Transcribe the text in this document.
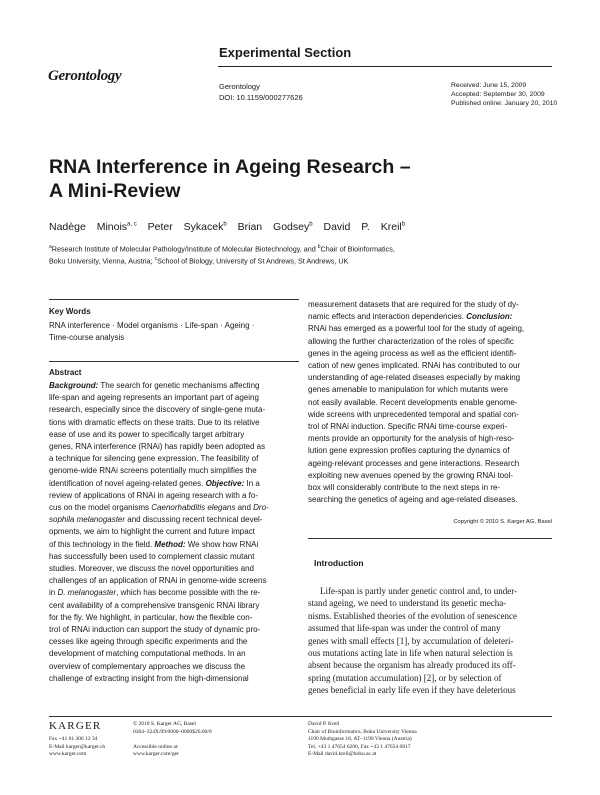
Experimental Section
Gerontology
Gerontology
DOI: 10.1159/000277626
Received: June 15, 2009
Accepted: September 30, 2009
Published online: January 20, 2010
RNA Interference in Ageing Research –
A Mini-Review
Nadège Minois$^{a, c}$ Peter Sykacek$^b$ Brian Godsey$^b$ David P. Kreil$^b$
$^a$Research Institute of Molecular Pathology/Institute of Molecular Biotechnology, and $^b$Chair of Bioinformatics,
Boku University, Vienna, Austria; $^c$School of Biology, University of St Andrews, St Andrews, UK
Key Words
RNA interference · Model organisms · Life-span · Ageing ·
Time-course analysis
Abstract
Background: The search for genetic mechanisms affecting
life-span and ageing represents an important part of ageing
research, especially since the discovery of single-gene muta-
tions with dramatic effects on these traits. Due to its relative
ease of use and its power to specifically target arbitrary
genes, RNA interference (RNAi) has rapidly been adopted as
a technique for silencing gene expression. The feasibility of
genome-wide RNAi screens potentially much simplifies the
identification of novel ageing-related genes. Objective: In a
review of applications of RNAi in ageing research with a fo-
cus on the model organisms Caenorhabditis elegans and Dro-
sophila melanogaster and discussing recent technical devel-
opments, we aim to highlight the current and future impact
of this technology in the field. Method: We show how RNAi
has successfully been used to complement classic mutant
studies. Moreover, we discuss the novel opportunities and
challenges of an application of RNAi in genome-wide screens
in D. melanogaster, which has become possible with the re-
cent availability of a comprehensive transgenic RNAi library
for the fly. We highlight, in particular, how the flexible con-
trol of RNAi induction can support the study of dynamic pro-
cesses like ageing through specific experiments and the
development of matching computational methods. In an
overview of complementary approaches we discuss the
challenge of extracting insight from the high-dimensional
measurement datasets that are required for the study of dy-
namic effects and interaction dependencies. Conclusion:
RNAi has emerged as a powerful tool for the study of ageing,
allowing the further characterization of the roles of specific
genes in the ageing process as well as the efficient identifi-
cation of new genes implicated. RNAi has contributed to our
understanding of age-related diseases especially by making
genes amenable to manipulation for which mutants were
not easily available. Recent developments enable genome-
wide screens with unprecedented temporal and spatial con-
trol of RNAi induction. Specific RNAi time-course experi-
ments provide an opportunity for the analysis of high-reso-
lution gene expression profiles capturing the dynamics of
ageing-relevant processes and gene interactions. Research
exploiting new avenues opened by the growing RNAi tool-
box will considerably contribute to the next steps in re-
searching the genetics of ageing and age-related diseases.
Copyright © 2010 S. Karger AG, Basel
Introduction
Life-span is partly under genetic control and, to under-

stand ageing, we need to understand its genetic mecha-
nisms. Established theories of the evolution of senescence
assumed that life-span was under the control of many
genes with small effects [1], by accumulation of deleteri-
ous mutations acting late in life when natural selection is
absent because the organism has already produced its off-
spring (mutation accumulation) [2], or by selection of
genes beneficial in early life even if they have deleterious
KARGER
Fax +41 61 306 12 34
E-Mail karger@karger.ch
www.karger.com
© 2010 S. Karger AG, Basel
0304–324X/09/0000–0000$26.00/0

Accessible online at:
www.karger.com/ger
David P. Kreil
Chair of Bioinformatics, Boku University Vienna
1190 Muthgasse 18, AT–1190 Vienna (Austria)
Tel. +43 1 47654 6200, Fax +43 1 47654 6817
E-Mail david.kreil@boku.ac.at
